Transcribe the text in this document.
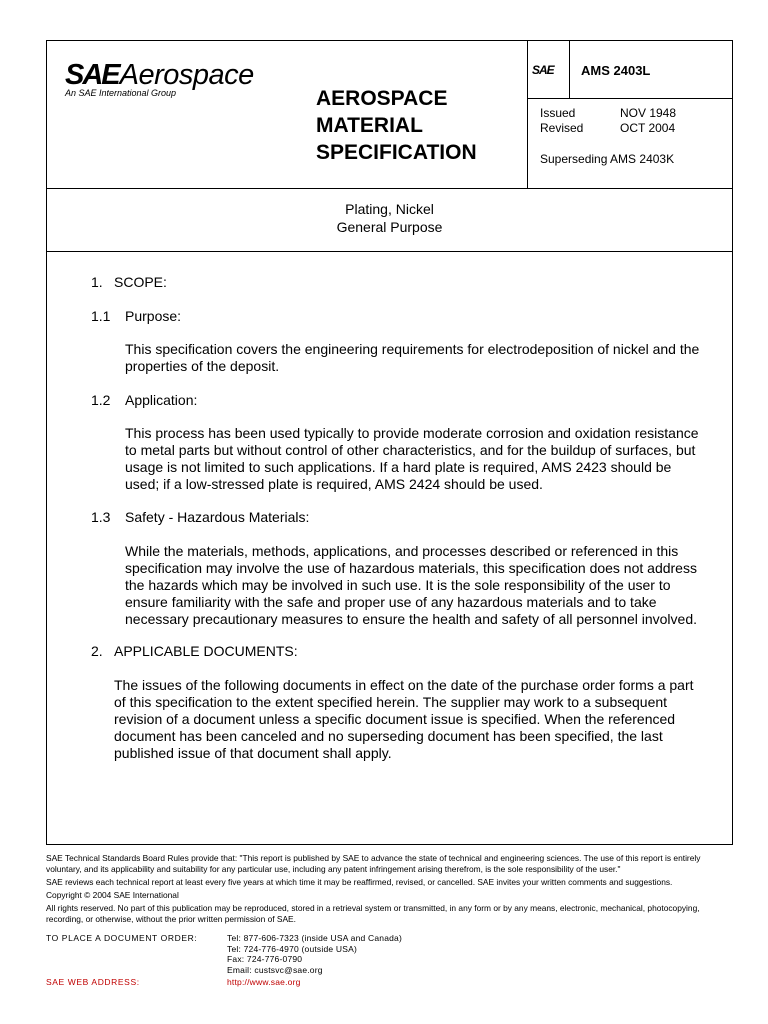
SAEAerospace
An SAE International Group	AEROSPACE
MATERIAL
SPECIFICATION
SAE AMS 2403L
Issued	NOV 1948
Revised	OCT 2004
Superseding AMS 2403K
Plating, Nickel
General Purpose
1. SCOPE:
1.1 Purpose:
This specification covers the engineering requirements for electrodeposition of nickel and the properties of the deposit.
1.2 Application:
This process has been used typically to provide moderate corrosion and oxidation resistance to metal parts but without control of other characteristics, and for the buildup of surfaces, but usage is not limited to such applications. If a hard plate is required, AMS 2423 should be used; if a low-stressed plate is required, AMS 2424 should be used.
1.3 Safety - Hazardous Materials:
While the materials, methods, applications, and processes described or referenced in this specification may involve the use of hazardous materials, this specification does not address the hazards which may be involved in such use. It is the sole responsibility of the user to ensure familiarity with the safe and proper use of any hazardous materials and to take necessary precautionary measures to ensure the health and safety of all personnel involved.
2. APPLICABLE DOCUMENTS:
The issues of the following documents in effect on the date of the purchase order forms a part of this specification to the extent specified herein. The supplier may work to a subsequent revision of a document unless a specific document issue is specified. When the referenced document has been canceled and no superseding document has been specified, the last published issue of that document shall apply.

SAE Technical Standards Board Rules provide that: "This report is published by SAE to advance the state of technical and engineering sciences. The use of this report is entirely voluntary, and its applicability and suitability for any particular use, including any patent infringement arising therefrom, is the sole responsibility of the user."

SAE reviews each technical report at least every five years at which time it may be reaffirmed, revised, or cancelled. SAE invites your written comments and suggestions.

Copyright © 2004 SAE International

All rights reserved. No part of this publication may be reproduced, stored in a retrieval system or transmitted, in any form or by any means, electronic, mechanical, photocopying, recording, or otherwise, without the prior written permission of SAE.

TO PLACE A DOCUMENT ORDER:	Tel: 877-606-7323 (inside USA and Canada)
Tel: 724-776-4970 (outside USA)
Fax: 724-776-0790
Email: custsvc@sae.org
SAE WEB ADDRESS:	http://www.sae.org
